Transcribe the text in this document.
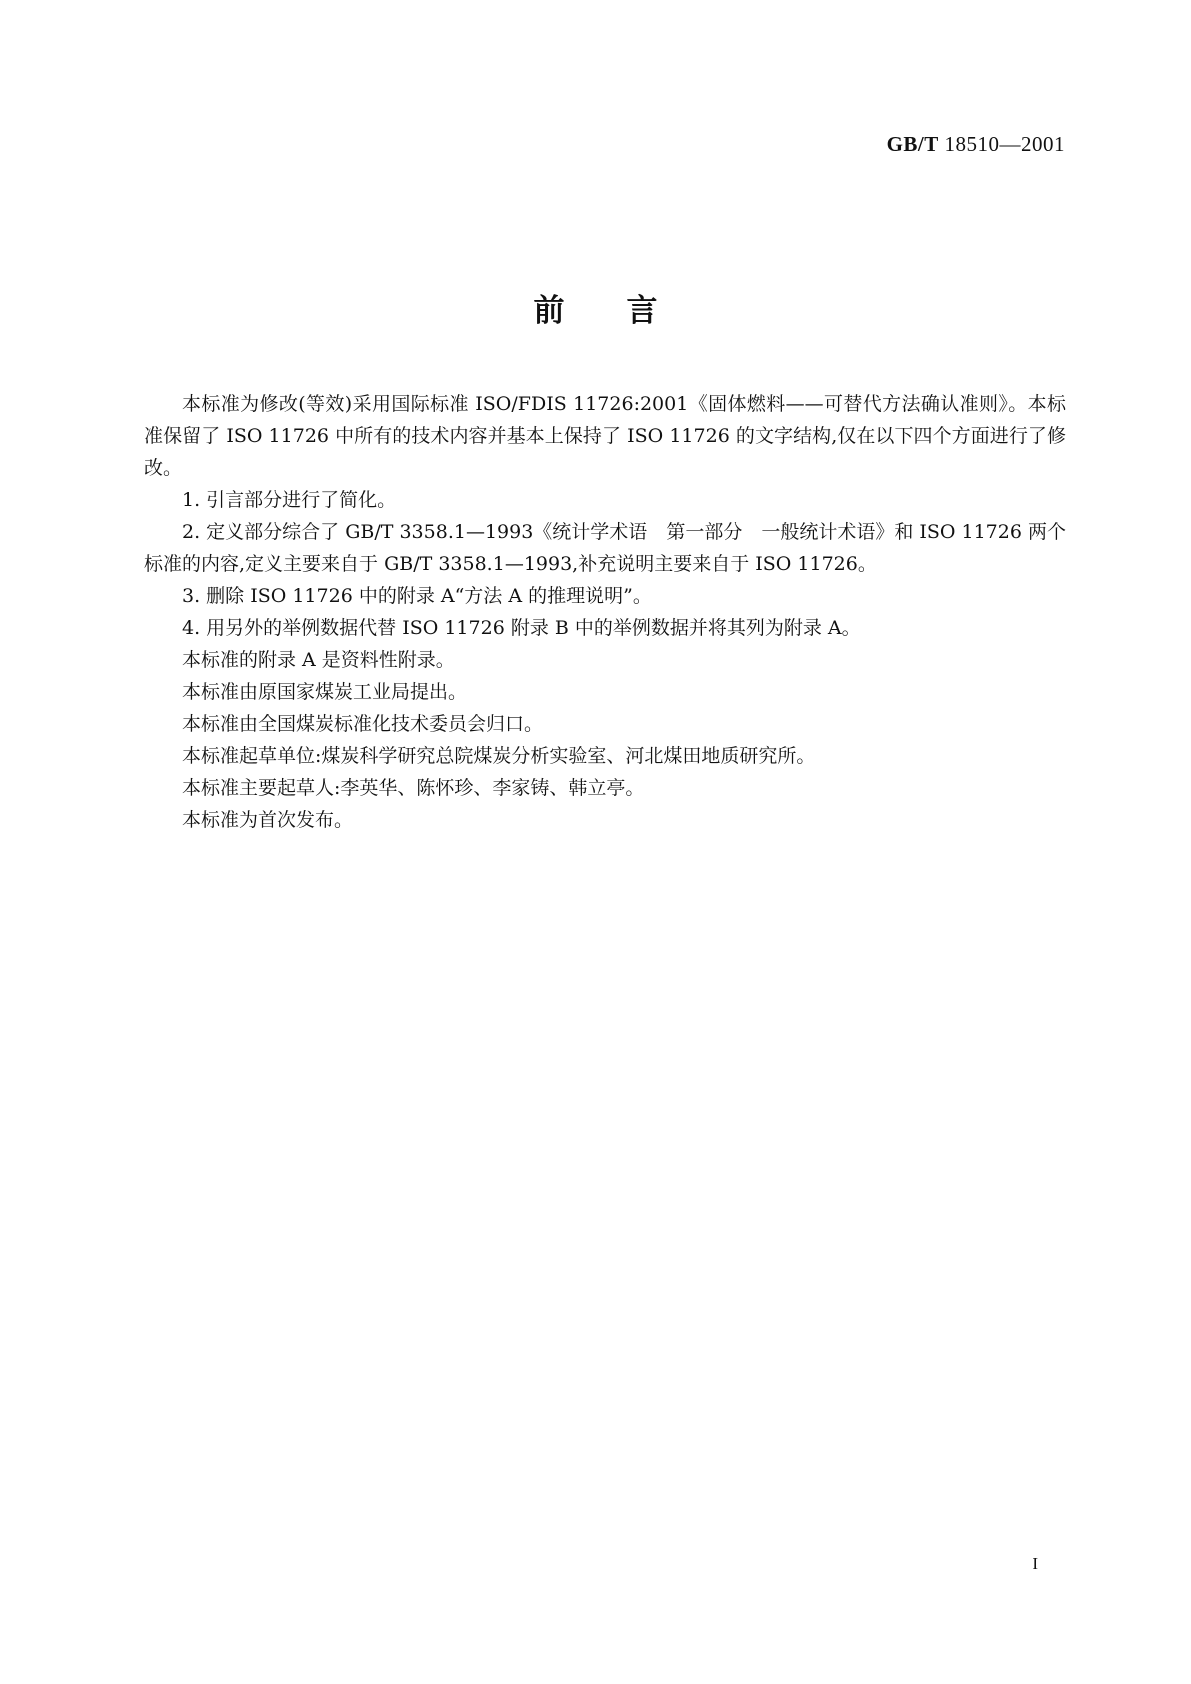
GB/T 18510—2001
前言

本标准为修改(等效)采用国际标准 ISO/FDIS 11726:2001《固体燃料——可替代方法确认准则》。本标准保留了 ISO 11726 中所有的技术内容并基本上保持了 ISO 11726 的文字结构,仅在以下四个方面进行了修改。

1. 引言部分进行了简化。

2. 定义部分综合了 GB/T 3358.1—1993《统计学术语　第一部分　一般统计术语》和 ISO 11726 两个标准的内容,定义主要来自于 GB/T 3358.1—1993,补充说明主要来自于 ISO 11726。

3. 删除 ISO 11726 中的附录 A“方法 A 的推理说明”。

4. 用另外的举例数据代替 ISO 11726 附录 B 中的举例数据并将其列为附录 A。

本标准的附录 A 是资料性附录。

本标准由原国家煤炭工业局提出。

本标准由全国煤炭标准化技术委员会归口。

本标准起草单位:煤炭科学研究总院煤炭分析实验室、河北煤田地质研究所。

本标准主要起草人:李英华、陈怀珍、李家铸、韩立亭。

本标准为首次发布。

I
